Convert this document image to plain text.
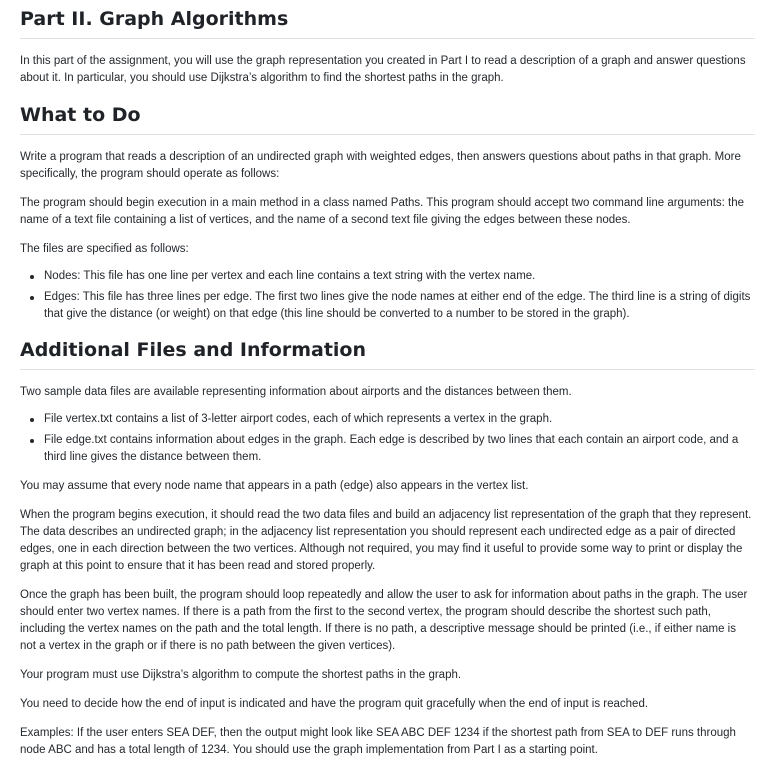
Part II. Graph Algorithms

In this part of the assignment, you will use the graph representation you created in Part I to read a description of a graph and answer questions about it. In particular, you should use Dijkstra’s algorithm to find the shortest paths in the graph.

What to Do

Write a program that reads a description of an undirected graph with weighted edges, then answers questions about paths in that graph. More specifically, the program should operate as follows:

The program should begin execution in a main method in a class named Paths. This program should accept two command line arguments: the name of a text file containing a list of vertices, and the name of a second text file giving the edges between these nodes.

The files are specified as follows:

Nodes: This file has one line per vertex and each line contains a text string with the vertex name.
Edges: This file has three lines per edge. The first two lines give the node names at either end of the edge. The third line is a string of digits that give the distance (or weight) on that edge (this line should be converted to a number to be stored in the graph).
Additional Files and Information

Two sample data files are available representing information about airports and the distances between them.

File vertex.txt contains a list of 3-letter airport codes, each of which represents a vertex in the graph.
File edge.txt contains information about edges in the graph. Each edge is described by two lines that each contain an airport code, and a third line gives the distance between them.

You may assume that every node name that appears in a path (edge) also appears in the vertex list.

When the program begins execution, it should read the two data files and build an adjacency list representation of the graph that they represent. The data describes an undirected graph; in the adjacency list representation you should represent each undirected edge as a pair of directed edges, one in each direction between the two vertices. Although not required, you may find it useful to provide some way to print or display the graph at this point to ensure that it has been read and stored properly.

Once the graph has been built, the program should loop repeatedly and allow the user to ask for information about paths in the graph. The user should enter two vertex names. If there is a path from the first to the second vertex, the program should describe the shortest such path, including the vertex names on the path and the total length. If there is no path, a descriptive message should be printed (i.e., if either name is not a vertex in the graph or if there is no path between the given vertices).

Your program must use Dijkstra’s algorithm to compute the shortest paths in the graph.

You need to decide how the end of input is indicated and have the program quit gracefully when the end of input is reached.

Examples: If the user enters SEA DEF, then the output might look like SEA ABC DEF 1234 if the shortest path from SEA to DEF runs through node ABC and has a total length of 1234. You should use the graph implementation from Part I as a starting point.
